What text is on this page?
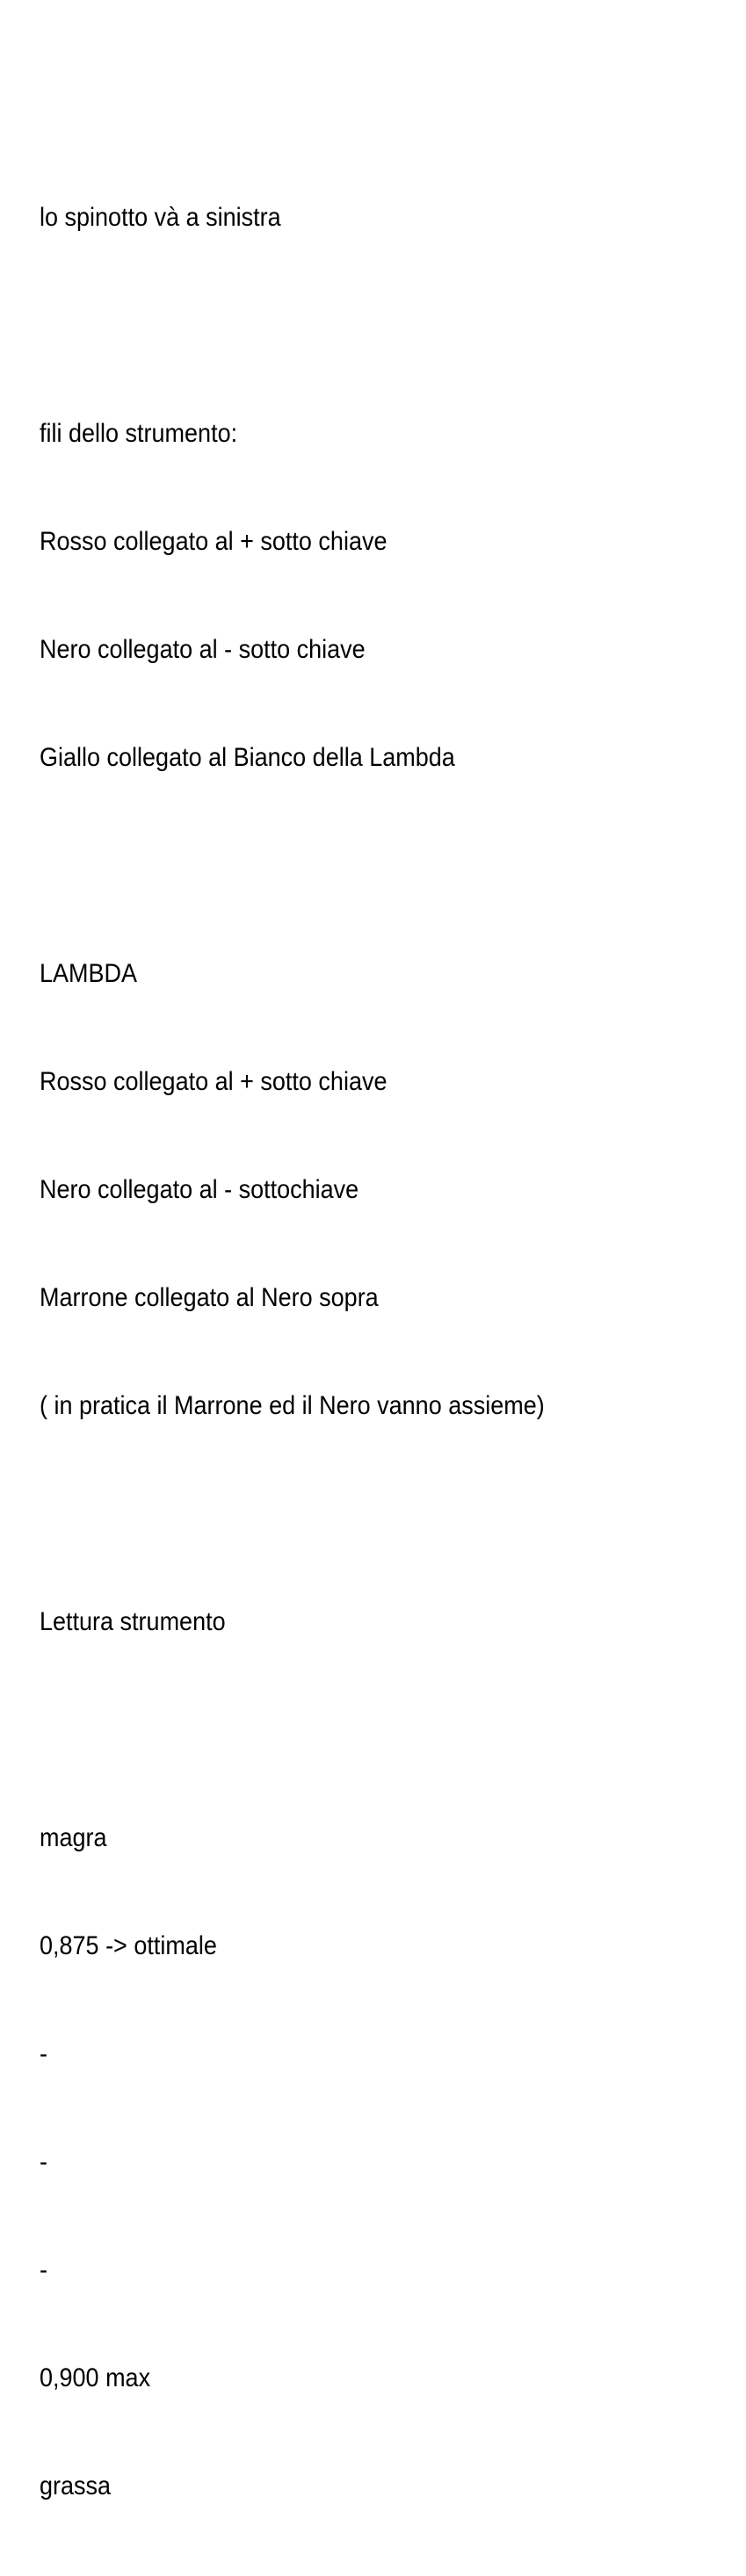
lo spinotto và a sinistra

fili dello strumento:

Rosso collegato al + sotto chiave

Nero collegato al - sotto chiave

Giallo collegato al Bianco della Lambda

LAMBDA

Rosso collegato al + sotto chiave

Nero collegato al - sottochiave

Marrone collegato al Nero sopra

( in pratica il Marrone ed il Nero vanno assieme)

Lettura strumento

magra

0,875 -> ottimale

-

-

-

0,900 max

grassa
